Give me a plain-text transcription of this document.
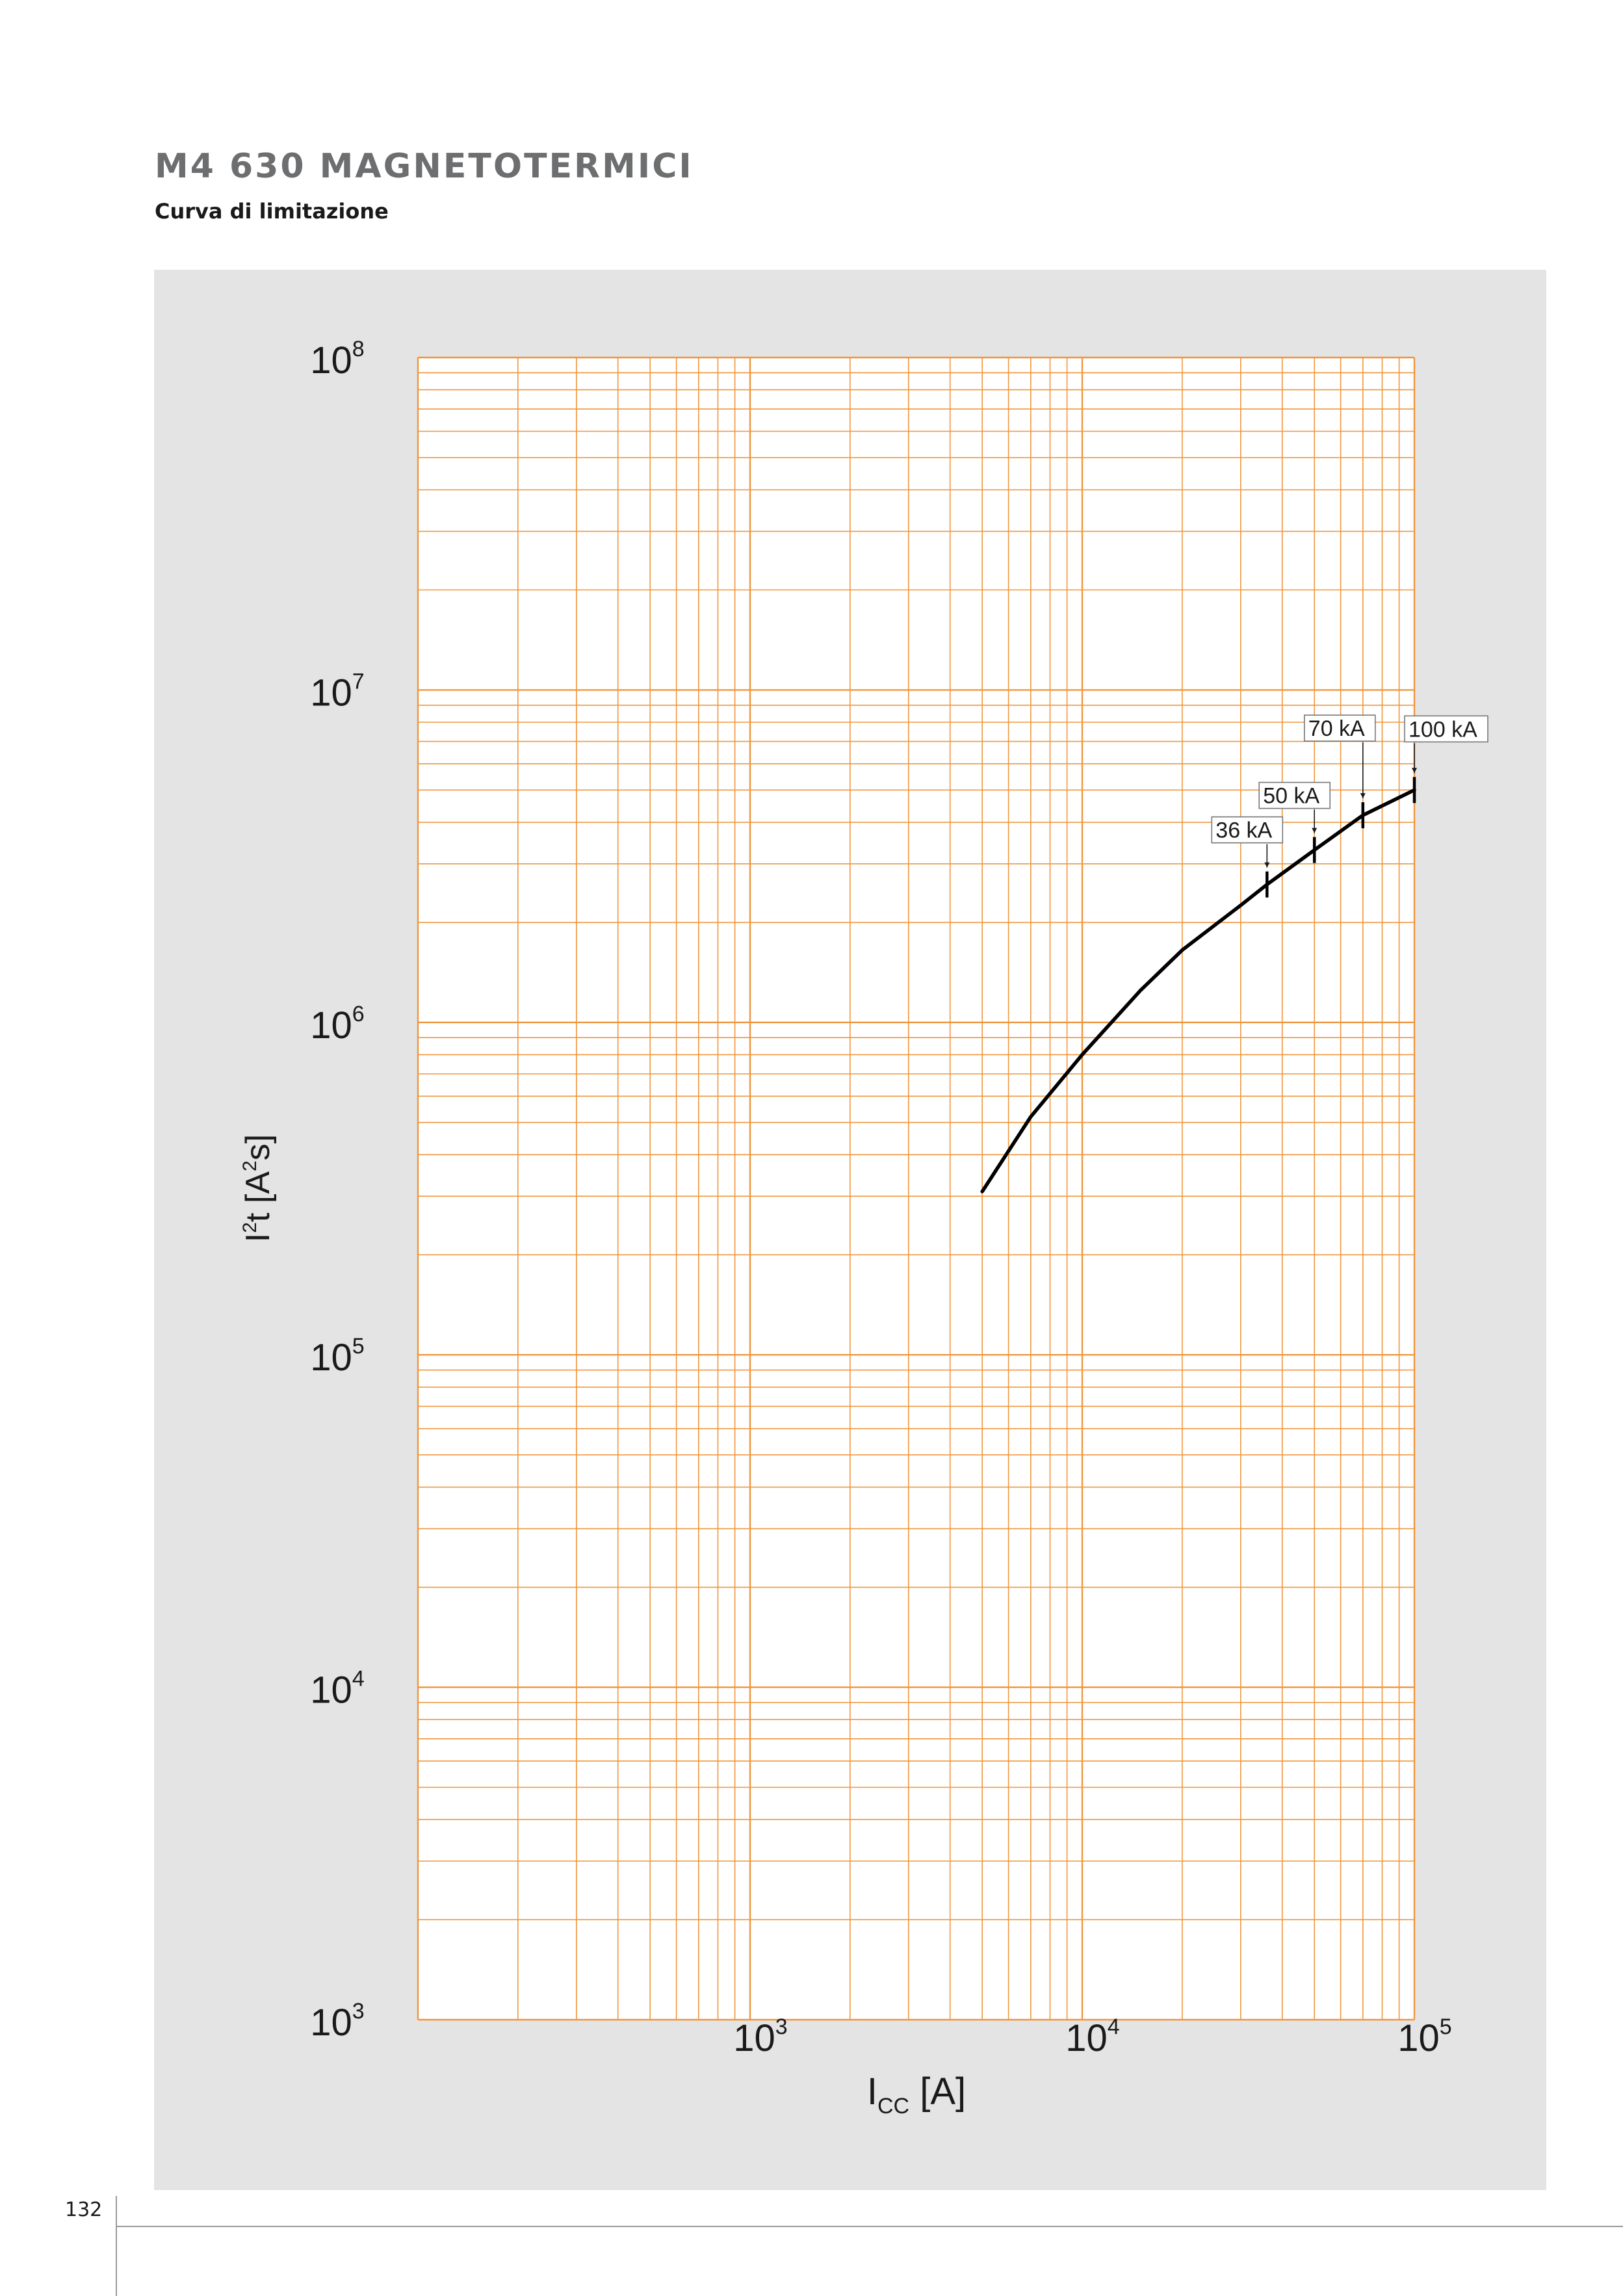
M4 630 MAGNETOTERMICI
Curva di limitazione
36 kA
50 kA
70 kA 100 kA
$10^3$
$10^4$
$10^5$
$10^6$
$10^7$
$10^8$
$10^3$	$10^4$	$10^5$
$I_{CC}$ [A]
$I^2t$ $[A^2s]$
132
